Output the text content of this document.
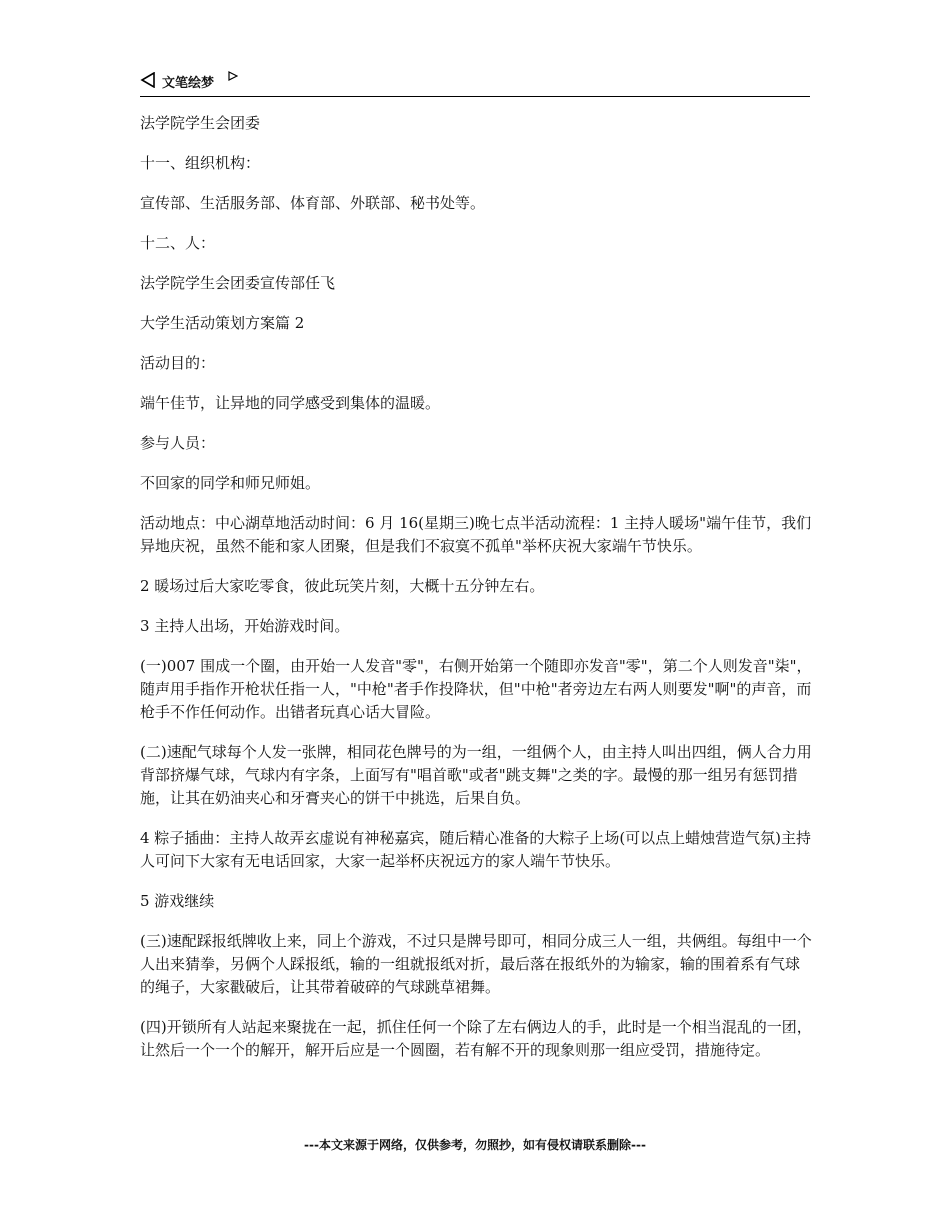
文笔绘梦

法学院学生会团委

十一、组织机构：

宣传部、生活服务部、体育部、外联部、秘书处等。

十二、人：

法学院学生会团委宣传部任飞

大学生活动策划方案篇 2

活动目的：

端午佳节，让异地的同学感受到集体的温暖。

参与人员：

不回家的同学和师兄师姐。

活动地点：中心湖草地活动时间：6 月 16(星期三)晚七点半活动流程：1 主持人暖场"端午佳节，我们异地庆祝，虽然不能和家人团聚，但是我们不寂寞不孤单"举杯庆祝大家端午节快乐。

2 暖场过后大家吃零食，彼此玩笑片刻，大概十五分钟左右。

3 主持人出场，开始游戏时间。

(一)007 围成一个圈，由开始一人发音"零"，右侧开始第一个随即亦发音"零"，第二个人则发音"柒"，随声用手指作开枪状任指一人，"中枪"者手作投降状，但"中枪"者旁边左右两人则要发"啊"的声音，而枪手不作任何动作。出错者玩真心话大冒险。

(二)速配气球每个人发一张牌，相同花色牌号的为一组，一组俩个人，由主持人叫出四组，俩人合力用背部挤爆气球，气球内有字条，上面写有"唱首歌"或者"跳支舞"之类的字。最慢的那一组另有惩罚措施，让其在奶油夹心和牙膏夹心的饼干中挑选，后果自负。

4 粽子插曲：主持人故弄玄虚说有神秘嘉宾，随后精心准备的大粽子上场(可以点上蜡烛营造气氛)主持人可问下大家有无电话回家，大家一起举杯庆祝远方的家人端午节快乐。

5 游戏继续

(三)速配踩报纸牌收上来，同上个游戏，不过只是牌号即可，相同分成三人一组，共俩组。每组中一个人出来猜拳，另俩个人踩报纸，输的一组就报纸对折，最后落在报纸外的为输家，输的围着系有气球的绳子，大家戳破后，让其带着破碎的气球跳草裙舞。

(四)开锁所有人站起来聚拢在一起，抓住任何一个除了左右俩边人的手，此时是一个相当混乱的一团，让然后一个一个的解开，解开后应是一个圆圈，若有解不开的现象则那一组应受罚，措施待定。

---本文来源于网络，仅供参考，勿照抄，如有侵权请联系删除---
